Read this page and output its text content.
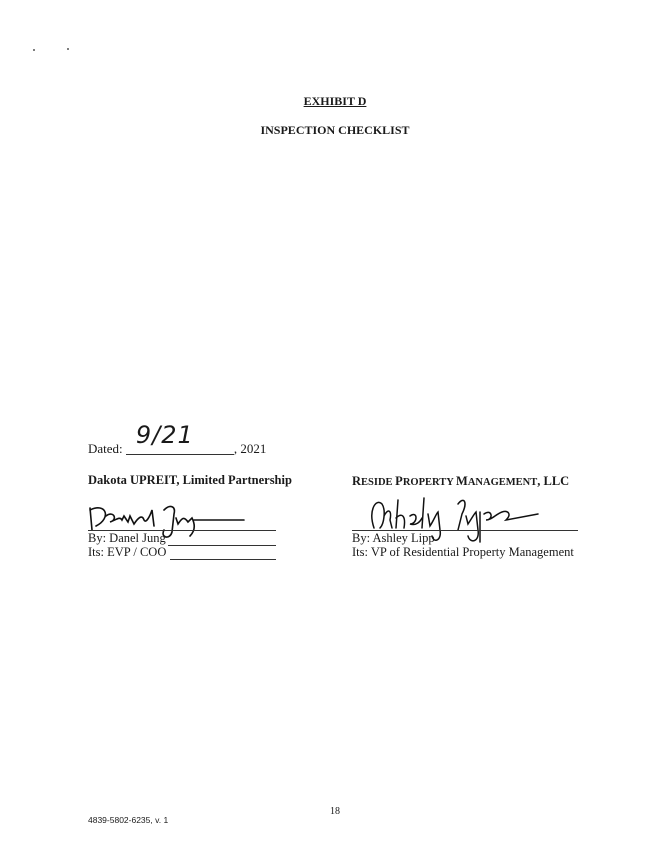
EXHIBIT D
INSPECTION CHECKLIST
Dated: 9/21	, 2021
Dakota UPREIT, Limited Partnership	RESIDE PROPERTY MANAGEMENT, LLC
By: Danel Jung
Its: EVP / COO
By: Ashley Lipp
Its: VP of Residential Property Management
18
4839-5802-6235, v. 1
